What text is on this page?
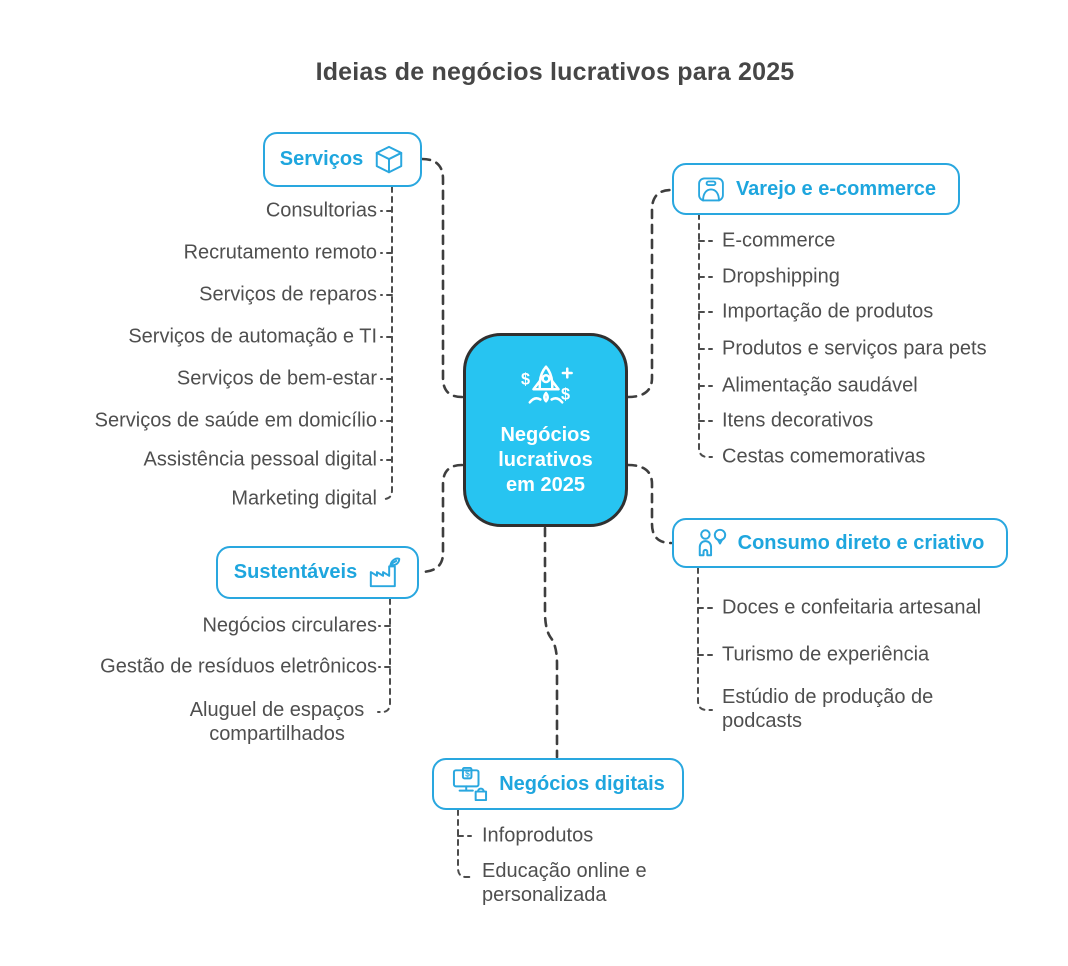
Ideias de negócios lucrativos para 2025
$
$
Negócios lucrativos em 2025
Serviços
Varejo e e-commerce
Sustentáveis
Consumo direto e criativo
$ Negócios digitais
Consultorias
Recrutamento remoto
Serviços de reparos
Serviços de automação e TI
Serviços de bem-estar
Serviços de saúde em domicílio
Assistência pessoal digital
Marketing digital
E-commerce
Dropshipping
Importação de produtos
Produtos e serviços para pets
Alimentação saudável
Itens decorativos
Cestas comemorativas
Negócios circulares
Gestão de resíduos eletrônicos
Aluguel de espaços compartilhados
Doces e confeitaria artesanal
Turismo de experiência
Estúdio de produção de podcasts
Infoprodutos
Educação online e personalizada
